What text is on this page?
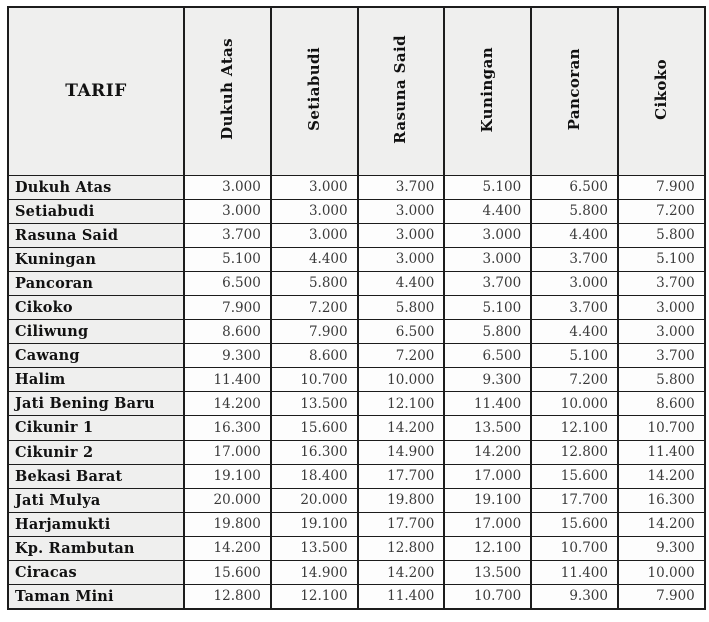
TARIF	Dukuh Atas	Setiabudi	Rasuna Said	Kuningan	Pancoran	Cikoko
Dukuh Atas	3.000	3.000	3.700	5.100	6.500	7.900
Setiabudi	3.000	3.000	3.000	4.400	5.800	7.200
Rasuna Said	3.700	3.000	3.000	3.000	4.400	5.800
Kuningan	5.100	4.400	3.000	3.000	3.700	5.100
Pancoran	6.500	5.800	4.400	3.700	3.000	3.700
Cikoko	7.900	7.200	5.800	5.100	3.700	3.000
Ciliwung	8.600	7.900	6.500	5.800	4.400	3.000
Cawang	9.300	8.600	7.200	6.500	5.100	3.700
Halim	11.400	10.700	10.000	9.300	7.200	5.800
Jati Bening Baru	14.200	13.500	12.100	11.400	10.000	8.600
Cikunir 1	16.300	15.600	14.200	13.500	12.100	10.700
Cikunir 2	17.000	16.300	14.900	14.200	12.800	11.400
Bekasi Barat	19.100	18.400	17.700	17.000	15.600	14.200
Jati Mulya	20.000	20.000	19.800	19.100	17.700	16.300
Harjamukti	19.800	19.100	17.700	17.000	15.600	14.200
Kp. Rambutan	14.200	13.500	12.800	12.100	10.700	9.300
Ciracas	15.600	14.900	14.200	13.500	11.400	10.000
Taman Mini	12.800	12.100	11.400	10.700	9.300	7.900
